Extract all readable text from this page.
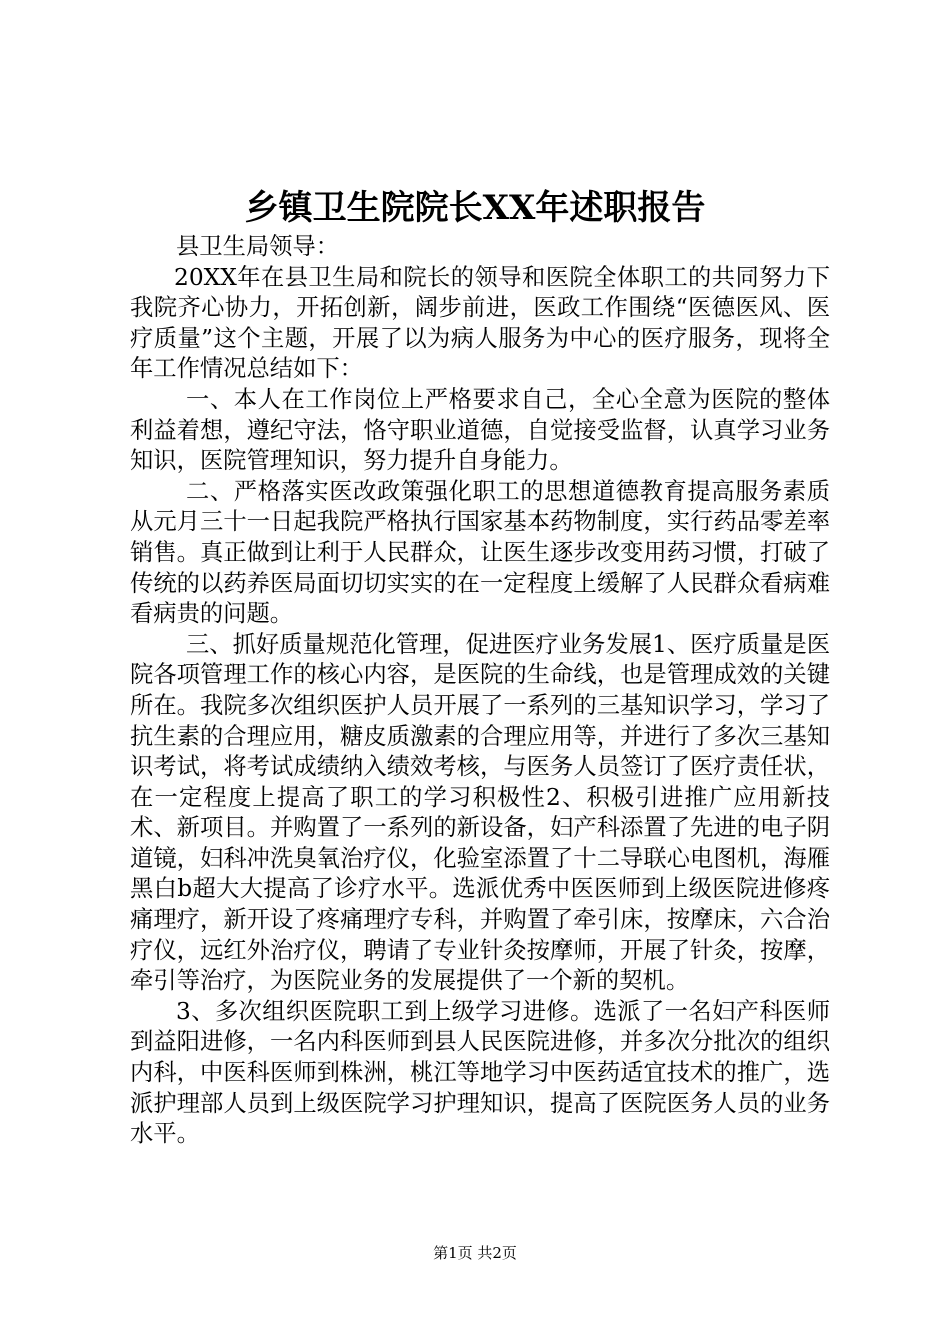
乡镇卫生院院长XX年述职报告

县卫生局领导：

20XX年在县卫生局和院长的领导和医院全体职工的共同努力下我院齐心协力，开拓创新，阔步前进，医政工作围绕“医德医风、医疗质量”这个主题，开展了以为病人服务为中心的医疗服务，现将全年工作情况总结如下：

一、本人在工作岗位上严格要求自己，全心全意为医院的整体利益着想，遵纪守法，恪守职业道德，自觉接受监督，认真学习业务知识，医院管理知识，努力提升自身能力。

二、严格落实医改政策强化职工的思想道德教育提高服务素质从元月三十一日起我院严格执行国家基本药物制度，实行药品零差率销售。真正做到让利于人民群众，让医生逐步改变用药习惯，打破了传统的以药养医局面切切实实的在一定程度上缓解了人民群众看病难看病贵的问题。

三、抓好质量规范化管理，促进医疗业务发展1、医疗质量是医院各项管理工作的核心内容，是医院的生命线，也是管理成效的关键所在。我院多次组织医护人员开展了一系列的三基知识学习，学习了抗生素的合理应用，糖皮质激素的合理应用等，并进行了多次三基知识考试，将考试成绩纳入绩效考核，与医务人员签订了医疗责任状，在一定程度上提高了职工的学习积极性2、积极引进推广应用新技术、新项目。并购置了一系列的新设备，妇产科添置了先进的电子阴道镜，妇科冲洗臭氧治疗仪，化验室添置了十二导联心电图机，海雁黑白b超大大提高了诊疗水平。选派优秀中医医师到上级医院进修疼痛理疗，新开设了疼痛理疗专科，并购置了牵引床，按摩床，六合治疗仪，远红外治疗仪，聘请了专业针灸按摩师，开展了针灸，按摩，牵引等治疗，为医院业务的发展提供了一个新的契机。

3、多次组织医院职工到上级学习进修。选派了一名妇产科医师到益阳进修，一名内科医师到县人民医院进修，并多次分批次的组织内科，中医科医师到株洲，桃江等地学习中医药适宜技术的推广，选派护理部人员到上级医院学习护理知识，提高了医院医务人员的业务水平。

第1页 共2页
